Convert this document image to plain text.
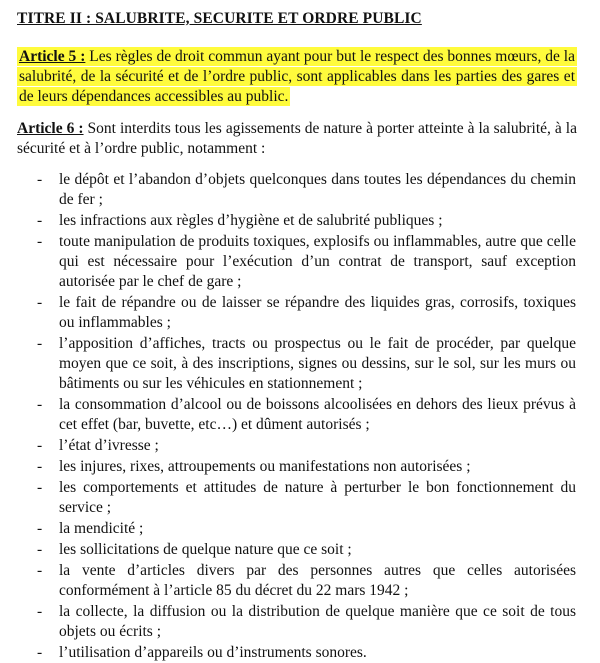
TITRE II : SALUBRITE, SECURITE ET ORDRE PUBLIC
Article 5 : Les règles de droit commun ayant pour but le respect des bonnes mœurs, de la salubrité, de la sécurité et de l’ordre public, sont applicables dans les parties des gares et de leurs dépendances accessibles au public.
Article 6 : Sont interdits tous les agissements de nature à porter atteinte à la salubrité, à la sécurité et à l’ordre public, notamment :
- le dépôt et l’abandon d’objets quelconques dans toutes les dépendances du chemin de fer ;
- les infractions aux règles d’hygiène et de salubrité publiques ;
- toute manipulation de produits toxiques, explosifs ou inflammables, autre que celle qui est nécessaire pour l’exécution d’un contrat de transport, sauf exception autorisée par le chef de gare ;
- le fait de répandre ou de laisser se répandre des liquides gras, corrosifs, toxiques ou inflammables ;
- l’apposition d’affiches, tracts ou prospectus ou le fait de procéder, par quelque moyen que ce soit, à des inscriptions, signes ou dessins, sur le sol, sur les murs ou bâtiments ou sur les véhicules en stationnement ;
- la consommation d’alcool ou de boissons alcoolisées en dehors des lieux prévus à cet effet (bar, buvette, etc…) et dûment autorisés ;
- l’état d’ivresse ;
- les injures, rixes, attroupements ou manifestations non autorisées ;
- les comportements et attitudes de nature à perturber le bon fonctionnement du service ;
- la mendicité ;
- les sollicitations de quelque nature que ce soit ;
- la vente d’articles divers par des personnes autres que celles autorisées conformément à l’article 85 du décret du 22 mars 1942 ;
- la collecte, la diffusion ou la distribution de quelque manière que ce soit de tous objets ou écrits ;
- l’utilisation d’appareils ou d’instruments sonores.
